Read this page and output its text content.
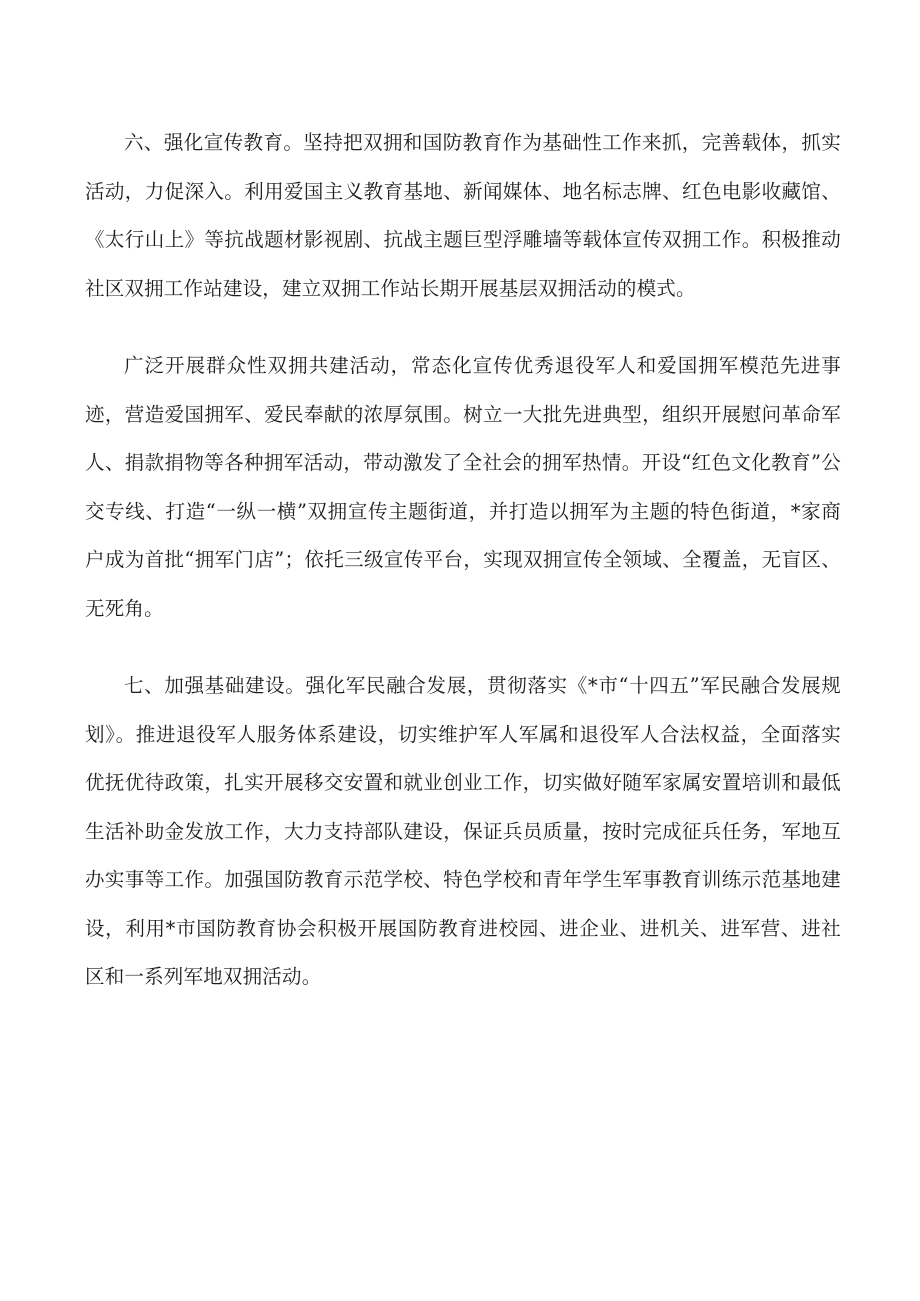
六、强化宣传教育。坚持把双拥和国防教育作为基础性工作来抓，完善载体，抓实活动，力促深入。利用爱国主义教育基地、新闻媒体、地名标志牌、红色电影收藏馆、《太行山上》等抗战题材影视剧、抗战主题巨型浮雕墙等载体宣传双拥工作。积极推动社区双拥工作站建设，建立双拥工作站长期开展基层双拥活动的模式。

广泛开展群众性双拥共建活动，常态化宣传优秀退役军人和爱国拥军模范先进事迹，营造爱国拥军、爱民奉献的浓厚氛围。树立一大批先进典型，组织开展慰问革命军人、捐款捐物等各种拥军活动，带动激发了全社会的拥军热情。开设“红色文化教育”公交专线、打造“一纵一横”双拥宣传主题街道，并打造以拥军为主题的特色街道，*家商户成为首批“拥军门店”；依托三级宣传平台，实现双拥宣传全领域、全覆盖，无盲区、无死角。

七、加强基础建设。强化军民融合发展，贯彻落实《*市“十四五”军民融合发展规划》。推进退役军人服务体系建设，切实维护军人军属和退役军人合法权益，全面落实优抚优待政策，扎实开展移交安置和就业创业工作，切实做好随军家属安置培训和最低生活补助金发放工作，大力支持部队建设，保证兵员质量，按时完成征兵任务，军地互办实事等工作。加强国防教育示范学校、特色学校和青年学生军事教育训练示范基地建设，利用*市国防教育协会积极开展国防教育进校园、进企业、进机关、进军营、进社区和一系列军地双拥活动。
